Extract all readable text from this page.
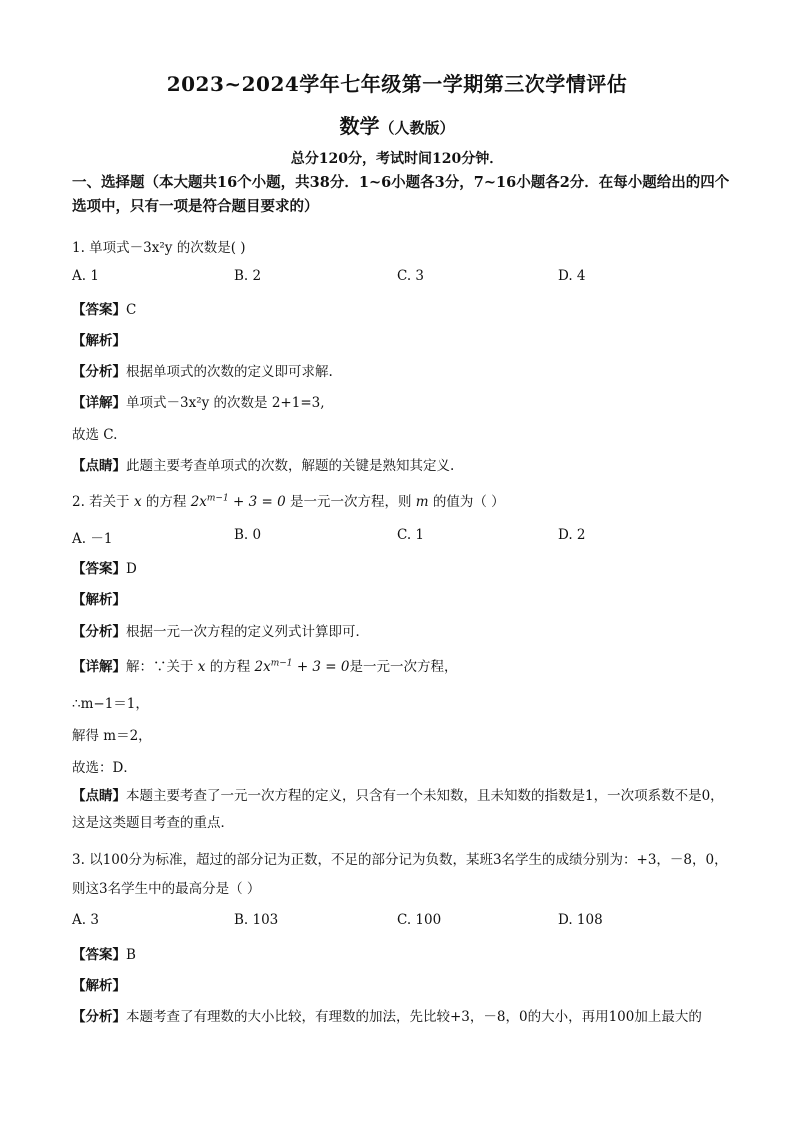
2023~2024学年七年级第一学期第三次学情评估
数学（人教版）
总分120分，考试时间120分钟．
一、选择题（本大题共16个小题，共38分．1~6小题各3分，7~16小题各2分．在每小题给出的四个选项中，只有一项是符合题目要求的）
1. 单项式－3x²y 的次数是( )
A. 1	B. 2	C. 3	D. 4
【答案】C
【解析】
【分析】根据单项式的次数的定义即可求解.
【详解】单项式－3x²y 的次数是 2+1=3,
故选 C.
【点睛】此题主要考查单项式的次数，解题的关键是熟知其定义.
2. 若关于 x 的方程 $2x^{m-1} + 3 = 0$ 是一元一次方程，则 m 的值为（ ）
A. －1	B. 0	C. 1	D. 2
【答案】D
【解析】
【分析】根据一元一次方程的定义列式计算即可．
【详解】解：∵关于 x 的方程 $2x^{m-1} + 3 = 0$是一元一次方程，
∴m−1＝1，
解得 m＝2，
故选：D．
【点睛】本题主要考查了一元一次方程的定义，只含有一个未知数，且未知数的指数是1，一次项系数不是0，这是这类题目考查的重点．
3. 以100分为标准，超过的部分记为正数，不足的部分记为负数，某班3名学生的成绩分别为：+3，－8，0，则这3名学生中的最高分是（ ）
A. 3	B. 103	C. 100	D. 108
【答案】B
【解析】
【分析】本题考查了有理数的大小比较，有理数的加法，先比较+3，－8，0的大小，再用100加上最大的
